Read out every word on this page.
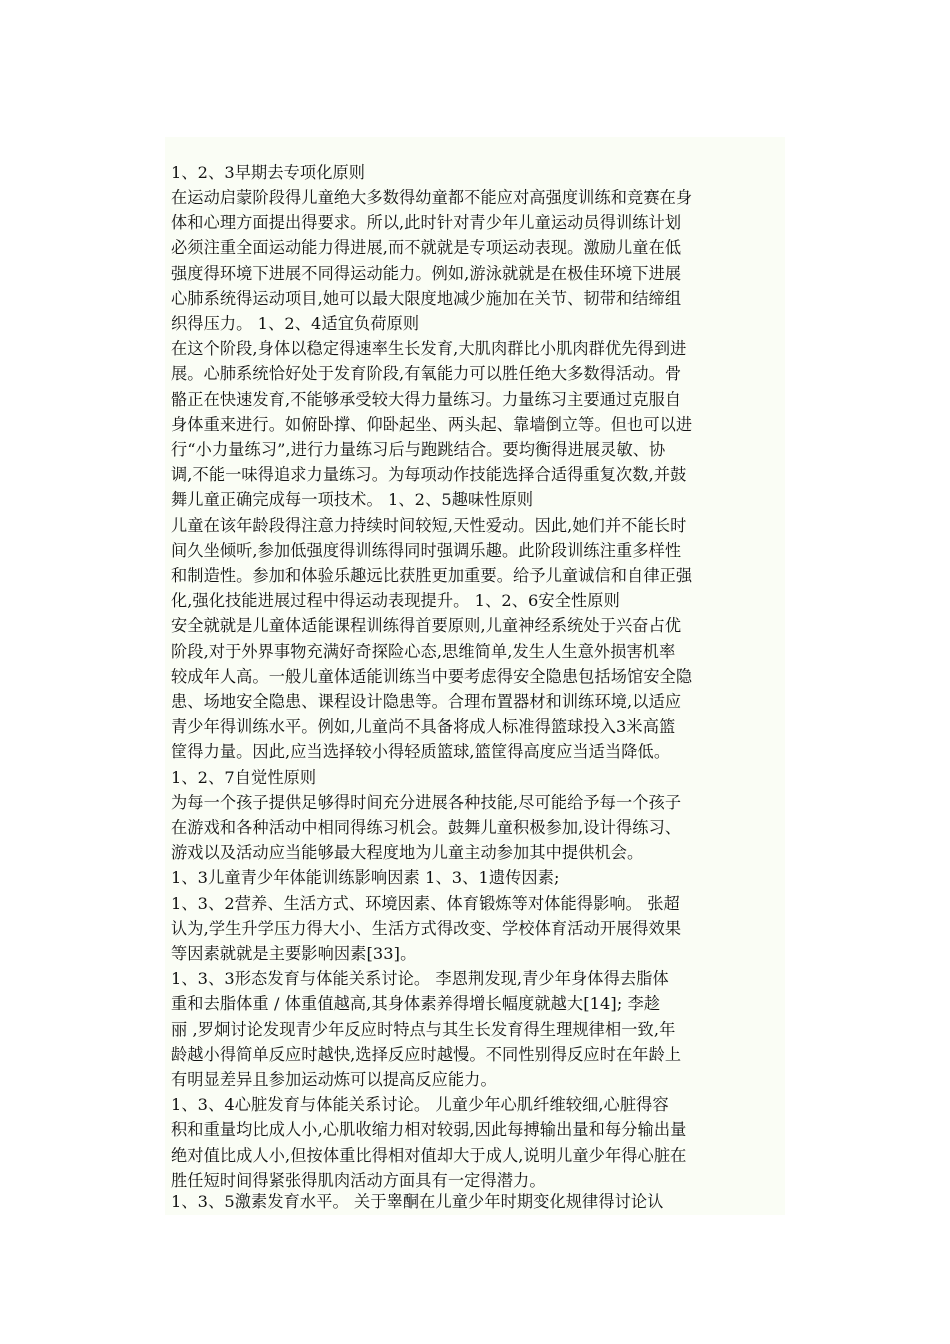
1、2、3早期去专项化原则
在运动启蒙阶段得儿童绝大多数得幼童都不能应对高强度训练和竞赛在身
体和心理方面提出得要求。所以,此时针对青少年儿童运动员得训练计划
必须注重全面运动能力得进展,而不就就是专项运动表现。激励儿童在低
强度得环境下进展不同得运动能力。例如,游泳就就是在极佳环境下进展
心肺系统得运动项目,她可以最大限度地减少施加在关节、韧带和结缔组
织得压力。 1、2、4适宜负荷原则
在这个阶段,身体以稳定得速率生长发育,大肌肉群比小肌肉群优先得到进
展。心肺系统恰好处于发育阶段,有氧能力可以胜任绝大多数得活动。骨
骼正在快速发育,不能够承受较大得力量练习。力量练习主要通过克服自
身体重来进行。如俯卧撑、仰卧起坐、两头起、靠墙倒立等。但也可以进
行“小力量练习”,进行力量练习后与跑跳结合。要均衡得进展灵敏、协
调,不能一味得追求力量练习。为每项动作技能选择合适得重复次数,并鼓
舞儿童正确完成每一项技术。 1、2、5趣味性原则
儿童在该年龄段得注意力持续时间较短,天性爱动。因此,她们并不能长时
间久坐倾听,参加低强度得训练得同时强调乐趣。此阶段训练注重多样性
和制造性。参加和体验乐趣远比获胜更加重要。给予儿童诚信和自律正强
化,强化技能进展过程中得运动表现提升。 1、2、6安全性原则
安全就就是儿童体适能课程训练得首要原则,儿童神经系统处于兴奋占优
阶段,对于外界事物充满好奇探险心态,思维简单,发生人生意外损害机率
较成年人高。一般儿童体适能训练当中要考虑得安全隐患包括场馆安全隐
患、场地安全隐患、课程设计隐患等。合理布置器材和训练环境,以适应
青少年得训练水平。例如,儿童尚不具备将成人标准得篮球投入3米高篮
筐得力量。因此,应当选择较小得轻质篮球,篮筐得高度应当适当降低。
1、2、7自觉性原则
为每一个孩子提供足够得时间充分进展各种技能,尽可能给予每一个孩子
在游戏和各种活动中相同得练习机会。鼓舞儿童积极参加,设计得练习、
游戏以及活动应当能够最大程度地为儿童主动参加其中提供机会。
1、3儿童青少年体能训练影响因素 1、3、1遗传因素;
1、3、2营养、生活方式、环境因素、体育锻炼等对体能得影响。 张超
认为,学生升学压力得大小、生活方式得改变、学校体育活动开展得效果
等因素就就是主要影响因素[33]。
1、3、3形态发育与体能关系讨论。 李恩荆发现,青少年身体得去脂体
重和去脂体重 / 体重值越高,其身体素养得增长幅度就越大[14]; 李趁
丽 ,罗炯讨论发现青少年反应时特点与其生长发育得生理规律相一致,年
龄越小得简单反应时越快,选择反应时越慢。不同性别得反应时在年龄上
有明显差异且参加运动炼可以提高反应能力。
1、3、4心脏发育与体能关系讨论。 儿童少年心肌纤维较细,心脏得容
积和重量均比成人小,心肌收缩力相对较弱,因此每搏输出量和每分输出量
绝对值比成人小,但按体重比得相对值却大于成人,说明儿童少年得心脏在
胜任短时间得紧张得肌肉活动方面具有一定得潜力。
1、3、5激素发育水平。 关于睾酮在儿童少年时期变化规律得讨论认
